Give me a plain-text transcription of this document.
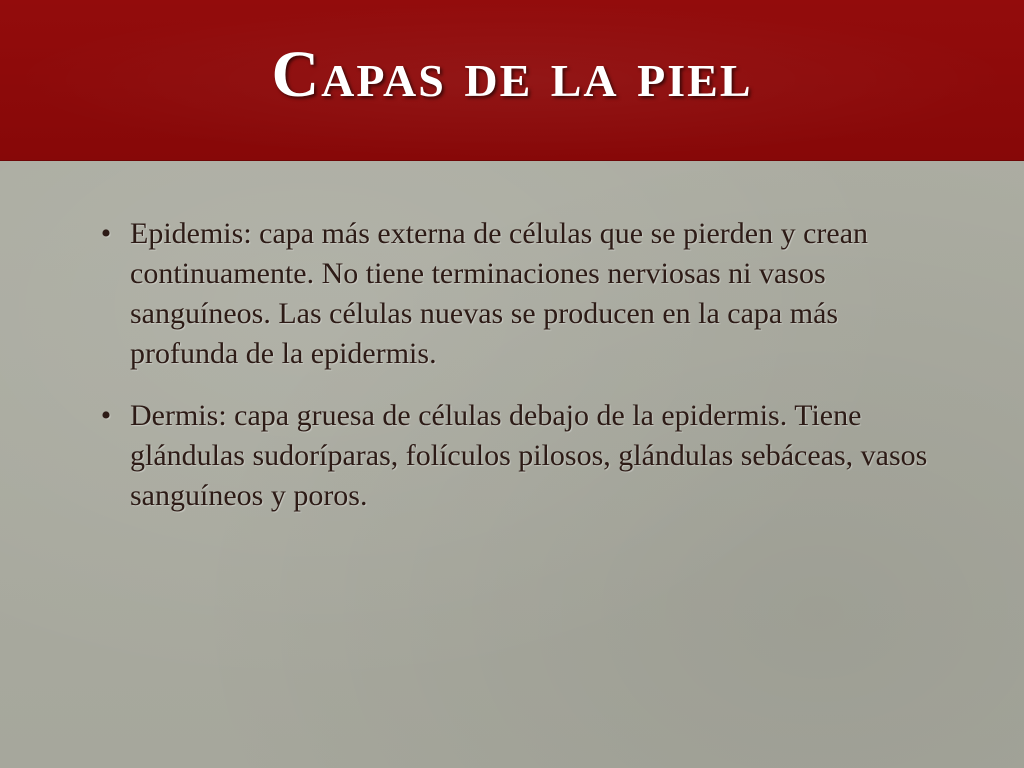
Capas de la piel
• Epidemis: capa más externa de células que se pierden y crean continuamente. No tiene terminaciones nerviosas ni vasos sanguíneos. Las células nuevas se producen en la capa más profunda de la epidermis.
• Dermis: capa gruesa de células debajo de la epidermis. Tiene glándulas sudoríparas, folículos pilosos, glándulas sebáceas, vasos sanguíneos y poros.
